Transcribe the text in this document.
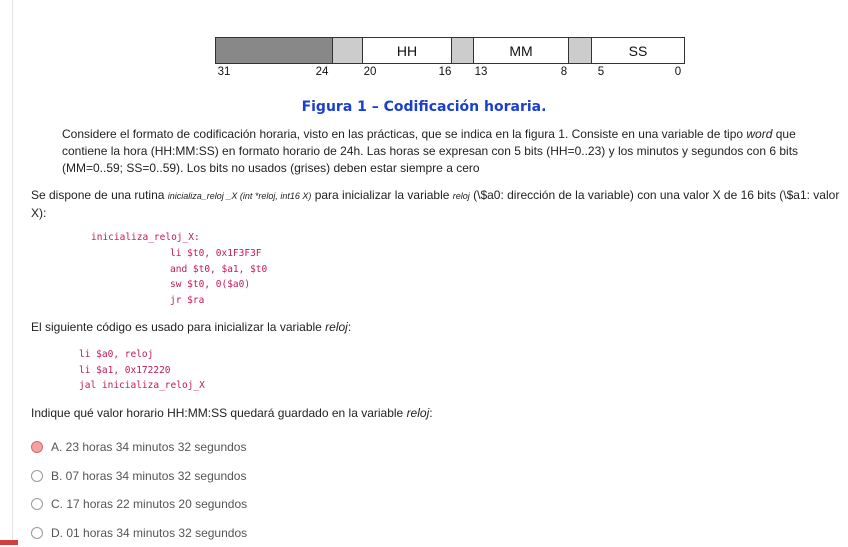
HH	MM	SS
31	24	20	16 13	8	5	0
Figura 1 – Codificación horaria.
Considere el formato de codificación horaria, visto en las prácticas, que se indica en la figura 1. Consiste en una variable de tipo word que contiene la hora (HH:MM:SS) en formato horario de 24h. Las horas se expresan con 5 bits (HH=0..23) y los minutos y segundos con 6 bits (MM=0..59; SS=0..59). Los bits no usados (grises) deben estar siempre a cero
Se dispone de una rutina inicializa_reloj _X (int *reloj, int16 X) para inicializar la variable reloj (\$a0: dirección de la variable) con una valor X de 16 bits (\$a1: valor X):
inicializa_reloj_X:
li $t0, 0x1F3F3F
and $t0, $a1, $t0
sw $t0, 0($a0)
jr $ra
El siguiente código es usado para inicializar la variable reloj:
li $a0, reloj
li $a1, 0x172220
jal inicializa_reloj_X
Indique qué valor horario HH:MM:SS quedará guardado en la variable reloj:
A. 23 horas 34 minutos 32 segundos
B. 07 horas 34 minutos 32 segundos
C. 17 horas 22 minutos 20 segundos
D. 01 horas 34 minutos 32 segundos
